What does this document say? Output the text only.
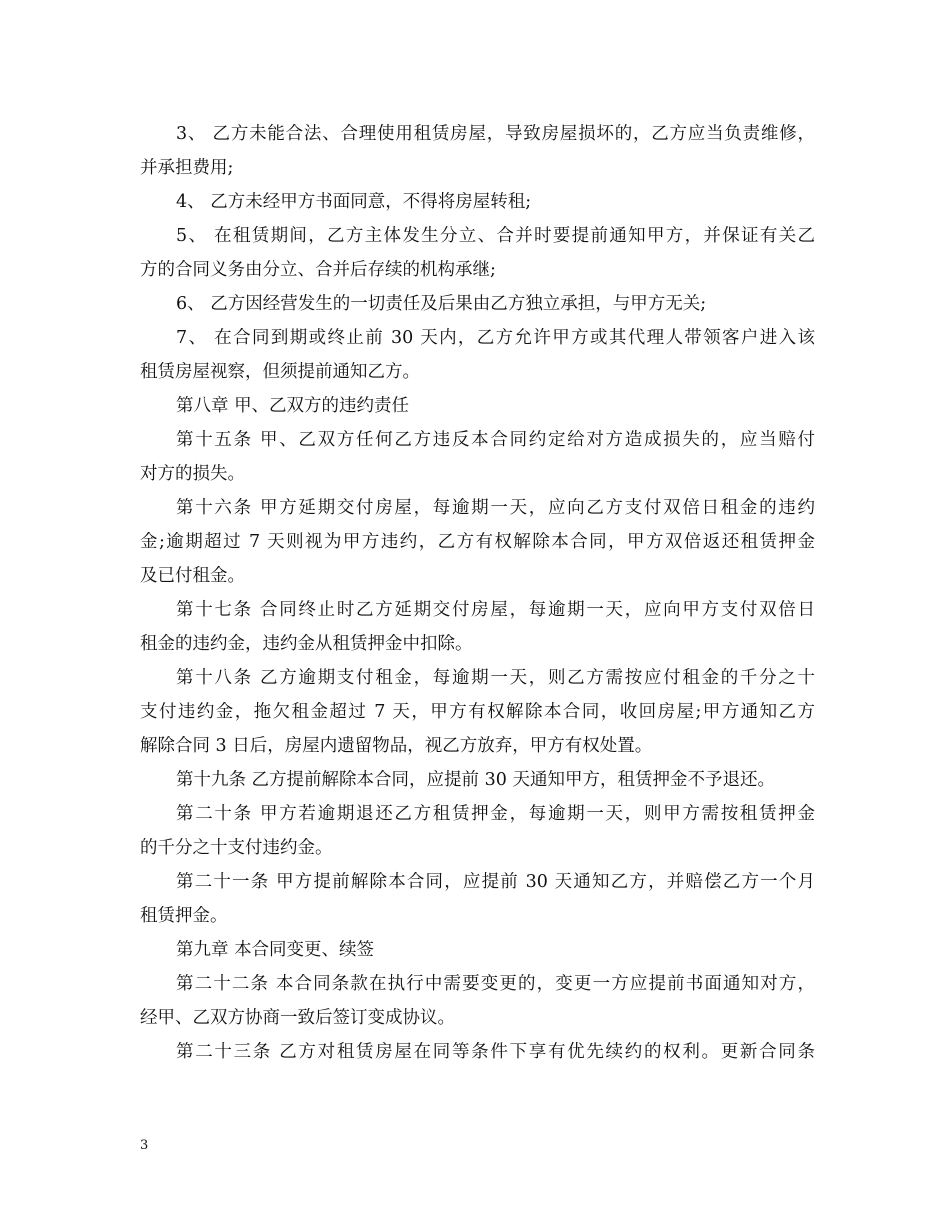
3、 乙方未能合法、合理使用租赁房屋，导致房屋损坏的，乙方应当负责维修，
并承担费用;
4、 乙方未经甲方书面同意，不得将房屋转租;
5、 在租赁期间，乙方主体发生分立、合并时要提前通知甲方，并保证有关乙
方的合同义务由分立、合并后存续的机构承继;
6、 乙方因经营发生的一切责任及后果由乙方独立承担，与甲方无关;
7、 在合同到期或终止前 30 天内，乙方允许甲方或其代理人带领客户进入该
租赁房屋视察，但须提前通知乙方。
第八章 甲、乙双方的违约责任
第十五条 甲、乙双方任何乙方违反本合同约定给对方造成损失的，应当赔付
对方的损失。
第十六条 甲方延期交付房屋，每逾期一天，应向乙方支付双倍日租金的违约
金;逾期超过 7 天则视为甲方违约，乙方有权解除本合同，甲方双倍返还租赁押金
及已付租金。
第十七条 合同终止时乙方延期交付房屋，每逾期一天，应向甲方支付双倍日
租金的违约金，违约金从租赁押金中扣除。
第十八条 乙方逾期支付租金，每逾期一天，则乙方需按应付租金的千分之十
支付违约金，拖欠租金超过 7 天，甲方有权解除本合同，收回房屋;甲方通知乙方
解除合同 3 日后，房屋内遗留物品，视乙方放弃，甲方有权处置。
第十九条 乙方提前解除本合同，应提前 30 天通知甲方，租赁押金不予退还。
第二十条 甲方若逾期退还乙方租赁押金，每逾期一天，则甲方需按租赁押金
的千分之十支付违约金。
第二十一条 甲方提前解除本合同，应提前 30 天通知乙方，并赔偿乙方一个月
租赁押金。
第九章 本合同变更、续签
第二十二条 本合同条款在执行中需要变更的，变更一方应提前书面通知对方，
经甲、乙双方协商一致后签订变成协议。
第二十三条 乙方对租赁房屋在同等条件下享有优先续约的权利。更新合同条
3
